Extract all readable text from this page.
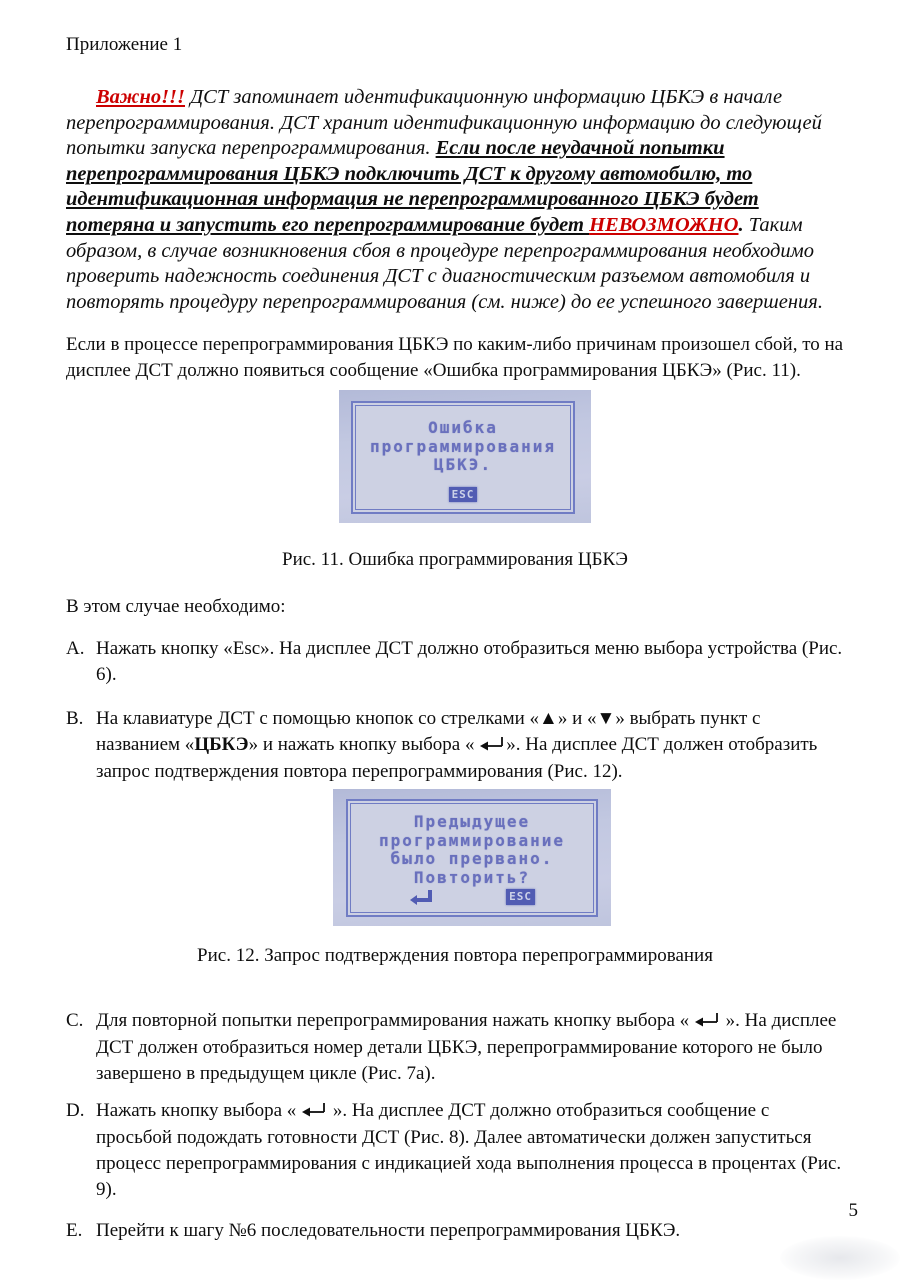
Приложение 1

Важно!!! ДСТ запоминает идентификационную информацию ЦБКЭ в начале перепрограммирования. ДСТ хранит идентификационную информацию до следующей попытки запуска перепрограммирования. Если после неудачной попытки перепрограммирования ЦБКЭ подключить ДСТ к другому автомобилю, то идентификационная информация не перепрограммированного ЦБКЭ будет потеряна и запустить его перепрограммирование будет НЕВОЗМОЖНО. Таким образом, в случае возникновения сбоя в процедуре перепрограммирования необходимо проверить надежность соединения ДСТ с диагностическим разъемом автомобиля и повторять процедуру перепрограммирования (см. ниже) до ее успешного завершения.

Если в процессе перепрограммирования ЦБКЭ по каким-либо причинам произошел сбой, то на дисплее ДСТ должно появиться сообщение «Ошибка программирования ЦБКЭ» (Рис. 11).

Ошибка
программирования
ЦБКЭ.
ESC
Рис. 11. Ошибка программирования ЦБКЭ
В этом случае необходимо:
A. Нажать кнопку «Esc». На дисплее ДСТ должно отобразиться меню выбора устройства (Рис. 6).
B. На клавиатуре ДСТ с помощью кнопок со стрелками «▲» и «▼» выбрать пункт с названием «ЦБКЭ» и нажать кнопку выбора « ». На дисплее ДСТ должен отобразить запрос подтверждения повтора перепрограммирования (Рис. 12).
Предыдущее
программирование
было прервано.
Повторить?
ESC
Рис. 12. Запрос подтверждения повтора перепрограммирования
C. Для повторной попытки перепрограммирования нажать кнопку выбора «  ». На дисплее ДСТ должен отобразиться номер детали ЦБКЭ, перепрограммирование которого не было завершено в предыдущем цикле (Рис. 7а).
D. Нажать кнопку выбора «  ». На дисплее ДСТ должно отобразиться сообщение с просьбой подождать готовности ДСТ (Рис. 8). Далее автоматически должен запуститься процесс перепрограммирования с индикацией хода выполнения процесса в процентах (Рис. 9).
E. Перейти к шагу №6 последовательности перепрограммирования ЦБКЭ.
5
